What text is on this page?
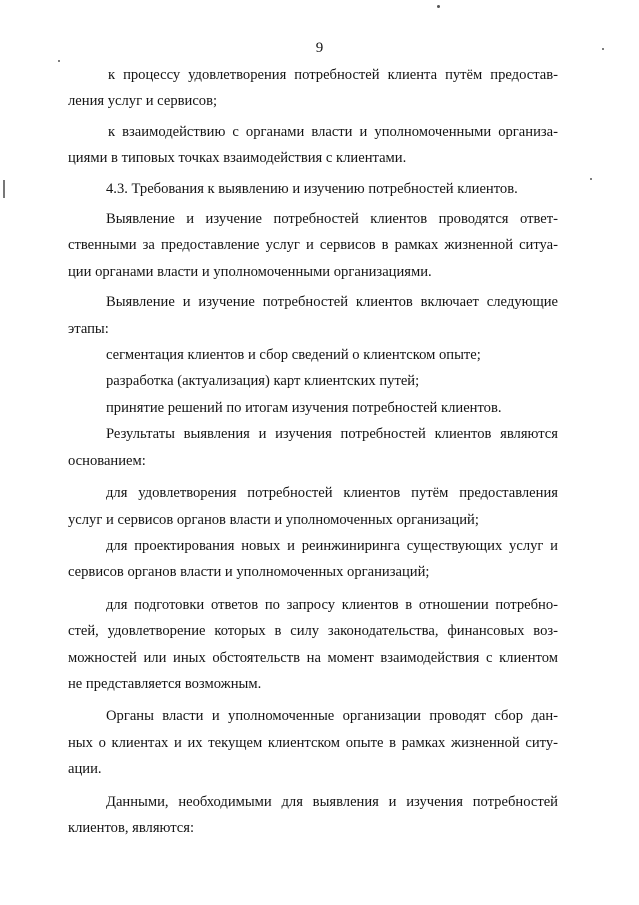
9

к процессу удовлетворения потребностей клиента путём предостав-

ления услуг и сервисов;

к взаимодействию с органами власти и уполномоченными организа-

циями в типовых точках взаимодействия с клиентами.

4.3. Требования к выявлению и изучению потребностей клиентов.

Выявление и изучение потребностей клиентов проводятся ответ-

ственными за предоставление услуг и сервисов в рамках жизненной ситуа-

ции органами власти и уполномоченными организациями.

Выявление и изучение потребностей клиентов включает следующие

этапы:

сегментация клиентов и сбор сведений о клиентском опыте;

разработка (актуализация) карт клиентских путей;

принятие решений по итогам изучения потребностей клиентов.

Результаты выявления и изучения потребностей клиентов являются

основанием:

для удовлетворения потребностей клиентов путём предоставления

услуг и сервисов органов власти и уполномоченных организаций;

для проектирования новых и реинжиниринга существующих услуг и

сервисов органов власти и уполномоченных организаций;

для подготовки ответов по запросу клиентов в отношении потребно-

стей, удовлетворение которых в силу законодательства, финансовых воз-

можностей или иных обстоятельств на момент взаимодействия с клиентом

не представляется возможным.

Органы власти и уполномоченные организации проводят сбор дан-

ных о клиентах и их текущем клиентском опыте в рамках жизненной ситу-

ации.

Данными, необходимыми для выявления и изучения потребностей

клиентов, являются:
